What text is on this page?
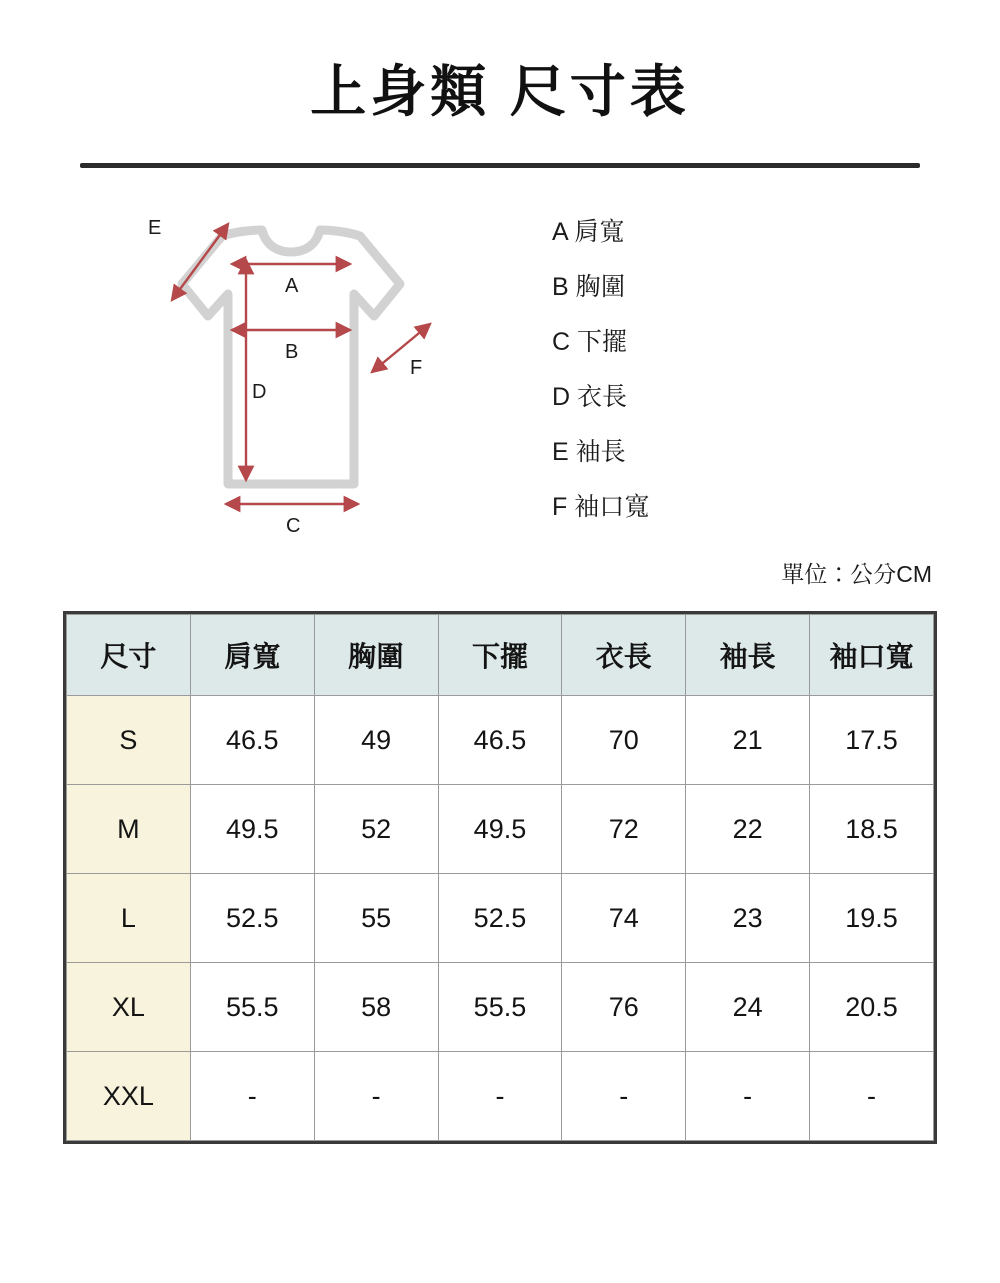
上身類 尺寸表
E
A
B
D
F
C
A 肩寬
B 胸圍
C 下擺
D 衣長
E 袖長
F 袖口寬
單位：公分CM
尺寸	肩寬	胸圍	下擺	衣長	袖長	袖口寬
S	46.5	49	46.5	70	21	17.5
M	49.5	52	49.5	72	22	18.5
L	52.5	55	52.5	74	23	19.5
XL	55.5	58	55.5	76	24	20.5
XXL	-	-	-	-	-	-
